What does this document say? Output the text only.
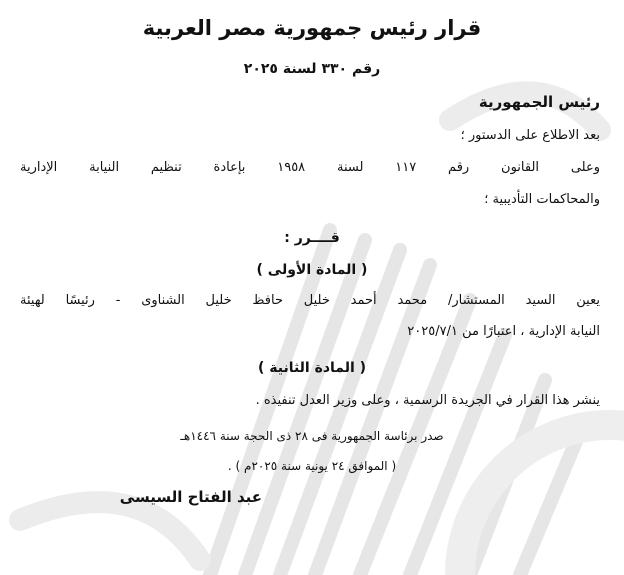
قرار رئيس جمهورية مصر العربية
رقم ٣٣٠ لسنة ٢٠٢٥
رئيس الجمهورية
بعد الاطلاع على الدستور ؛
وعلى القانون رقم ١١٧ لسنة ١٩٥٨ بإعادة تنظيم النيابة الإدارية
والمحاكمات التأديبية ؛
قــــرر :
( المادة الأولى )
يعين السيد المستشار/ محمد أحمد خليل حافظ خليل الشناوى - رئيسًا لهيئة
النيابة الإدارية ، اعتبارًا من ٢٠٢٥/٧/١
( المادة الثانية )
ينشر هذا القرار في الجريدة الرسمية ، وعلى وزير العدل تنفيذه .
صدر برئاسة الجمهورية فى ٢٨ ذى الحجة سنة ١٤٤٦هـ
( الموافق ٢٤ يونية سنة ٢٠٢٥م ) .
عبد الفتاح السيسى
